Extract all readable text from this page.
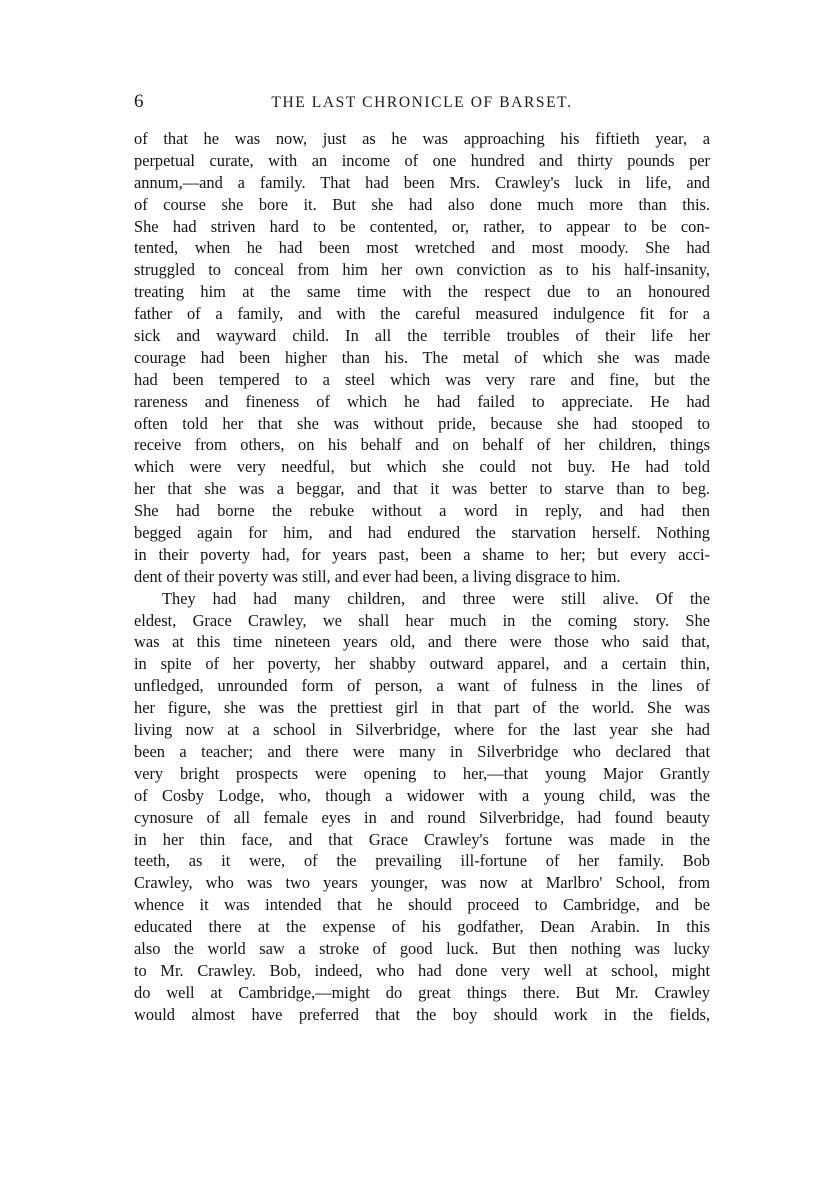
6	THE LAST CHRONICLE OF BARSET.
of that he was now, just as he was approaching his fiftieth year, a
perpetual curate, with an income of one hundred and thirty pounds per
annum,—and a family. That had been Mrs. Crawley's luck in life, and
of course she bore it. But she had also done much more than this.
She had striven hard to be contented, or, rather, to appear to be con-
tented, when he had been most wretched and most moody. She had
struggled to conceal from him her own conviction as to his half-insanity,
treating him at the same time with the respect due to an honoured
father of a family, and with the careful measured indulgence fit for a
sick and wayward child. In all the terrible troubles of their life her
courage had been higher than his. The metal of which she was made
had been tempered to a steel which was very rare and fine, but the
rareness and fineness of which he had failed to appreciate. He had
often told her that she was without pride, because she had stooped to
receive from others, on his behalf and on behalf of her children, things
which were very needful, but which she could not buy. He had told
her that she was a beggar, and that it was better to starve than to beg.
She had borne the rebuke without a word in reply, and had then
begged again for him, and had endured the starvation herself. Nothing
in their poverty had, for years past, been a shame to her; but every acci-
dent of their poverty was still, and ever had been, a living disgrace to him.
They had had many children, and three were still alive. Of the
eldest, Grace Crawley, we shall hear much in the coming story. She
was at this time nineteen years old, and there were those who said that,
in spite of her poverty, her shabby outward apparel, and a certain thin,
unfledged, unrounded form of person, a want of fulness in the lines of
her figure, she was the prettiest girl in that part of the world. She was
living now at a school in Silverbridge, where for the last year she had
been a teacher; and there were many in Silverbridge who declared that
very bright prospects were opening to her,—that young Major Grantly
of Cosby Lodge, who, though a widower with a young child, was the
cynosure of all female eyes in and round Silverbridge, had found beauty
in her thin face, and that Grace Crawley's fortune was made in the
teeth, as it were, of the prevailing ill-fortune of her family. Bob
Crawley, who was two years younger, was now at Marlbro' School, from
whence it was intended that he should proceed to Cambridge, and be
educated there at the expense of his godfather, Dean Arabin. In this
also the world saw a stroke of good luck. But then nothing was lucky
to Mr. Crawley. Bob, indeed, who had done very well at school, might
do well at Cambridge,—might do great things there. But Mr. Crawley
would almost have preferred that the boy should work in the fields,
